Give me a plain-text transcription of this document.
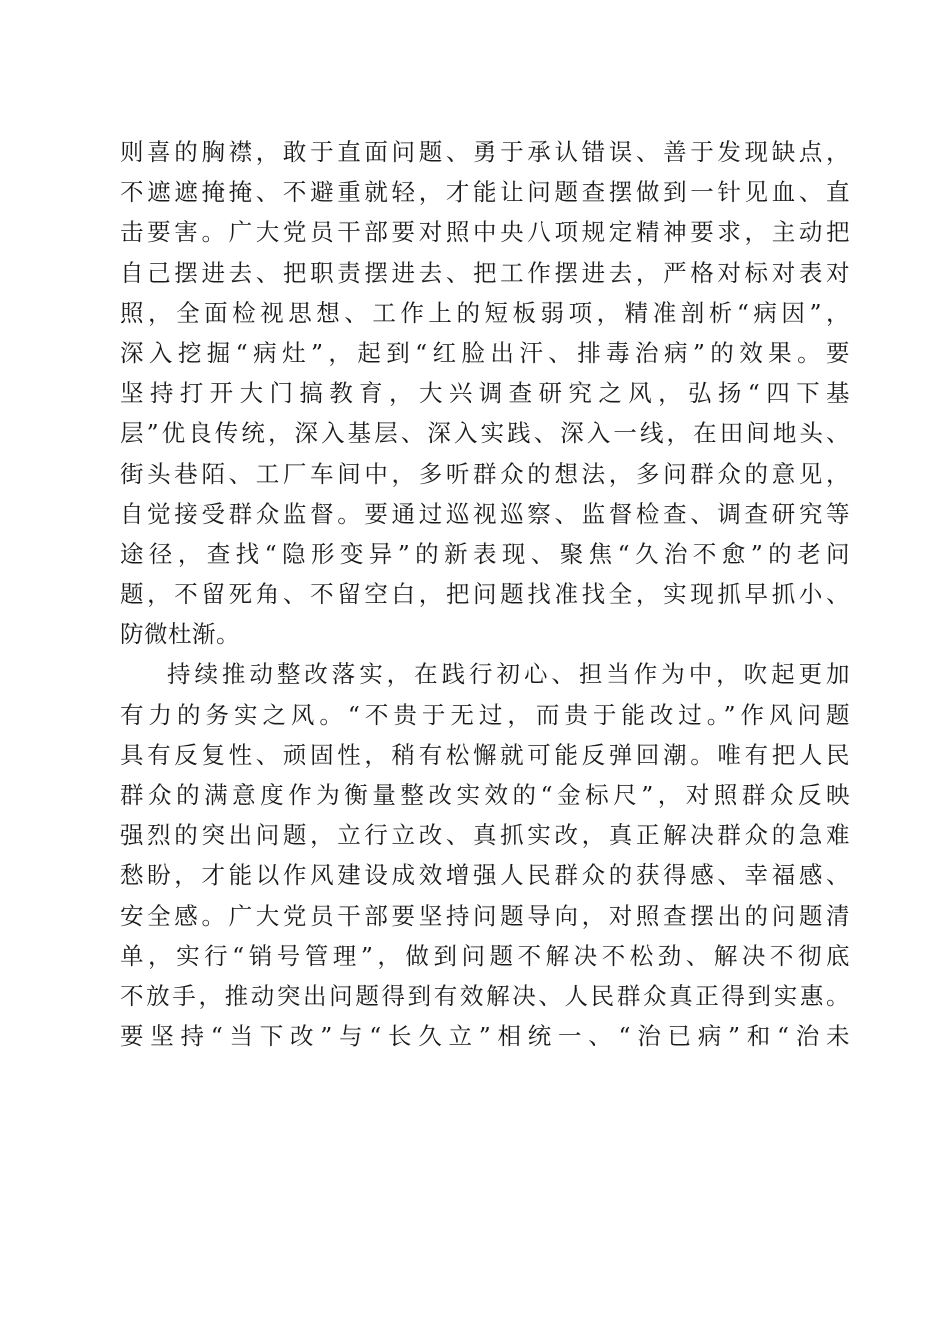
则喜的胸襟，敢于直面问题、勇于承认错误、善于发现缺点，
不遮遮掩掩、不避重就轻，才能让问题查摆做到一针见血、直
击要害。广大党员干部要对照中央八项规定精神要求，主动把
自己摆进去、把职责摆进去、把工作摆进去，严格对标对表对
照，全面检视思想、工作上的短板弱项，精准剖析“病因”，
深入挖掘“病灶”，起到“红脸出汗、排毒治病”的效果。要
坚持打开大门搞教育，大兴调查研究之风，弘扬“四下基
层”优良传统，深入基层、深入实践、深入一线，在田间地头、
街头巷陌、工厂车间中，多听群众的想法，多问群众的意见，
自觉接受群众监督。要通过巡视巡察、监督检查、调查研究等
途径，查找“隐形变异”的新表现、聚焦“久治不愈”的老问
题，不留死角、不留空白，把问题找准找全，实现抓早抓小、
防微杜渐。
持续推动整改落实，在践行初心、担当作为中，吹起更加
有力的务实之风。“不贵于无过，而贵于能改过。”作风问题
具有反复性、顽固性，稍有松懈就可能反弹回潮。唯有把人民
群众的满意度作为衡量整改实效的“金标尺”，对照群众反映
强烈的突出问题，立行立改、真抓实改，真正解决群众的急难
愁盼，才能以作风建设成效增强人民群众的获得感、幸福感、
安全感。广大党员干部要坚持问题导向，对照查摆出的问题清
单，实行“销号管理”，做到问题不解决不松劲、解决不彻底
不放手，推动突出问题得到有效解决、人民群众真正得到实惠。
要坚持“当下改”与“长久立”相统一、“治已病”和“治未
